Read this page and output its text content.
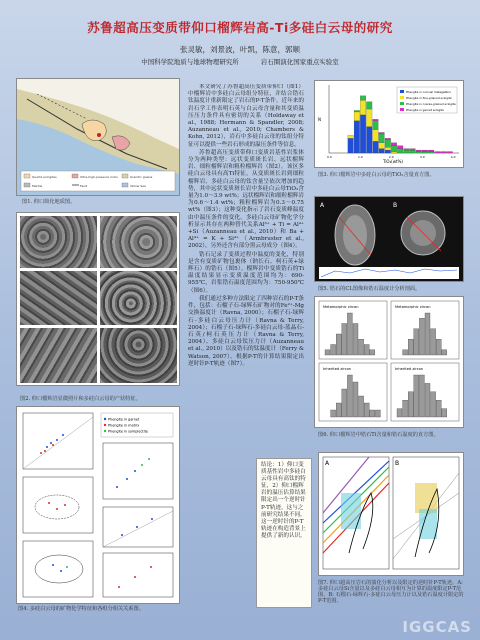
苏鲁超高压变质带仰口榴辉岩高-Ti多硅白云母的研究
张灵敏，刘景波，叶凯，陈意，郭顺
中国科学院地质与地球物理研究所	岩石圈演化国家重点实验室
Quartz-eclogites	Ultra-high-pressure rocks	Granitic gneiss
Marble	Fault	Yellow Sea
图1. 仰口简化地质图。
图2. 仰口榴辉岩显微照片和多硅白云母的产状特征。
Phengite in garnet
Phengite in matrix
Phengite in symplectite
图4. 多硅白云母的矿物化学特征和各组分相关关系图。

本文研究了苏鲁超高压变质带仰口（图1）中榴辉岩中多硅白云母组分特征，并结合锆石钛温度计重新限定了岩石的P-T条件。近年来的岩石学工作表明石英与白云母含量和其变质温压压力条件具有密切的关系（Holdaway et al., 1988; Hermann & Spandler, 2008; Auzanneau et al., 2010; Chambers & Kohn, 2012），岩石中多硅白云母的钛组分特征可以提供一些岩石形成的温压条件等信息。

苏鲁超高压变质带仰口变质岩基性岩浆体分为两种类型：远状变质斑长岩、远状榴辉岩、细粒榴辉岩和粗粒榴辉岩（图2）。该区多硅白云母具有高Ti特征，从变质斑长岩到细粒榴辉岩、多硅白云母的钛含量呈依次增加的趋势，其中远状变质斑长岩中多硅白云母TiO₂含量为1.0～3.9 wt%；远状榴辉岩和细粒榴辉岩为0.6～1.4 wt%；粗粒榴辉岩为0.3～0.75 wt%（图3）；这种变化指示了岩石变质峰温度由中温压条件的变化。多硅白云母矿物化学分析显示其存在两种替代关系Al⁶⁺ + Ti = Al⁴⁺ +Si（Auzanneau et al., 2010）和 Ba + Al⁴⁺ = K + Si⁴⁺（Armbruster et al., 2002），另外还含有部分黑云母成分（图4）。

锆石记录了变质过程中温度的变化，特别是含有变质矿物包裹体（钠长石、柯石英+绿辉石）的锆石（图5）。榴辉岩中变质锆石的Ti温度结果显示变质温度范围均为：690-955℃，岩浆锆石温度范围均为：750-950℃（图6）。

我们通过多种方法限定了四种岩石的P-T条件，包括：石榴子石-绿辉石矿物对的Fe²⁺-Mg交换温度计（Ravna, 2000）；石榴子石-绿辉石-多硅白云母压力计（Ravna & Terry, 2004）；石榴子石-绿辉石-多硅白云母-蓝晶石-石英/柯石英压力计（Ravna & Terry, 2004）、多硅白云母钛压力计（Auzanneau et al., 2010）以及锆石的钛温度计（Ferry & Watson, 2007）。根据P-T的计算结果限定出逆时针P-T轨迹（图7）。

结论：1）仰口变质基性岩中多硅白云母具有高钛的特征，2）仰口榴辉岩的温压估算结果限定出一个逆时针P-T轨迹，这与之前研究结果不同。这一逆时针的P-T轨迹在构造背景上提供了新的认识。
N
TiO₂(wt%)
0.0	1.0	2.0	3.0	4.0
Phengite in coronal metagabbro
Phengite in fine-grained eclogite
Phengite in coarse-grained eclogite
Phengite in garnet eclogite
图3. 仰口榴辉岩中多硅白云母的TiO₂含量直方图。
A	B
图5. 锆石的CL图像和锆石温度计分析剖面。
Metamorphic zircon	Metamorphic zircon
Inherited zircon	Inherited zircon
图6. 仰口榴辉岩中锆石Ti含量和锆石温度的直方图。
A	B
图7. 仰口超高压岩石的演化分析以及限定的逆时针P-T轨迹。A:多硅白云母Si含量以及多硅白云母相互为计算的温度限定P-T范围，B: 石榴石-绿辉石-多硅白云母压力计以及锆石温度计限定的P-T范围。
IGGCAS
